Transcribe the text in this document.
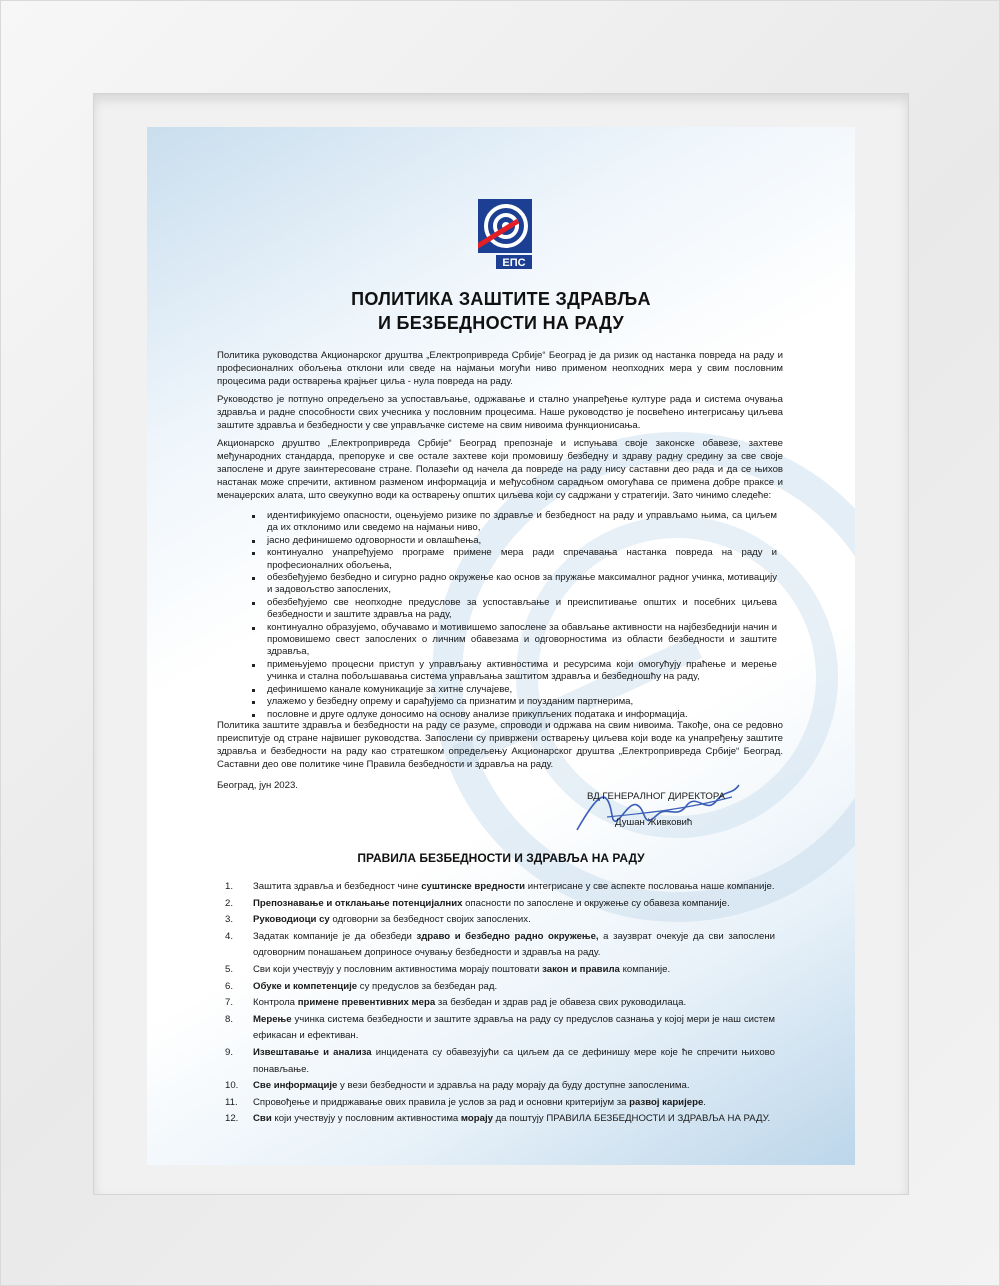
ЕПС
ПОЛИТИКА ЗАШТИТЕ ЗДРАВЉА
И БЕЗБЕДНОСТИ НА РАДУ

Политика руководства Акционарског друштва „Електропривреда Србије“ Београд је да ризик од настанка повреда на раду и професионалних обољења отклони или сведе на најмањи могући ниво применом неопходних мера у свим пословним процесима ради остварења крајњег циља - нула повреда на раду.

Руководство је потпуно опредељено за успостављање, одржавање и стално унапређење културе рада и система очувања здравља и радне способности свих учесника у пословним процесима. Наше руководство је посвећено интегрисању циљева заштите здравља и безбедности у све управљачке системе на свим нивоима функционисања.

Акционарско друштво „Електропривреда Србије“ Београд препознаје и испуњава своје законске обавезе, захтеве међународних стандарда, препоруке и све остале захтеве који промовишу безбедну и здраву радну средину за све своје запослене и друге заинтересоване стране. Полазећи од начела да повреде на раду нису саставни део рада и да се њихов настанак може спречити, активном разменом информација и међусобном сарадњом омогућава се примена добре праксе и менаџерских алата, што свеукупно води ка остварењу општих циљева који су садржани у стратегији. Зато чинимо следеће:

идентификујемо опасности, оцењујемо ризике по здравље и безбедност на раду и управљамо њима, са циљем да их отклонимо или сведемо на најмањи ниво,
јасно дефинишемо одговорности и овлашћења,
континуално унапређујемо програме примене мера ради спречавања настанка повреда на раду и професионалних обољења,
обезбеђујемо безбедно и сигурно радно окружење као основ за пружање максималног радног учинка, мотивацију и задовољство запослених,
обезбеђујемо све неопходне предуслове за успостављање и преиспитивање општих и посебних циљева безбедности и заштите здравља на раду,
континуално образујемо, обучавамо и мотивишемо запослене за обављање активности на најбезбеднији начин и промовишемо свест запослених о личним обавезама и одговорностима из области безбедности и заштите здравља,
примењујемо процесни приступ у управљању активностима и ресурсима који омогућују праћење и мерење учинка и стална побољшавања система управљања заштитом здравља и безбедношћу на раду,
дефинишемо канале комуникације за хитне случајеве,
улажемо у безбедну опрему и сарађујемо са признатим и поузданим партнерима,
пословне и друге одлуке доносимо на основу анализе прикупљених података и информација.

Политика заштите здравља и безбедности на раду се разуме, спроводи и одржава на свим нивоима. Такође, она се редовно преиспитује од стране највишег руководства. Запослени су привржени остварењу циљева који воде ка унапређењу заштите здравља и безбедности на раду као стратешком опредељењу Акционарског друштва „Електропривреда Србије“ Београд. Саставни део ове политике чине Правила безбедности и здравља на раду.

Београд, јун 2023.

ВД ГЕНЕРАЛНОГ ДИРЕКТОРА
Душан Живковић
ПРАВИЛА БЕЗБЕДНОСТИ И ЗДРАВЉА НА РАДУ
1. Заштита здравља и безбедност чине суштинске вредности интегрисане у све аспекте пословања наше компаније.
2. Препознавање и отклањање потенцијалних опасности по запослене и окружење су обавеза компаније.
3. Руководиоци су одговорни за безбедност својих запослених.
4. Задатак компаније је да обезбеди здраво и безбедно радно окружење, а заузврат очекује да сви запослени одговорним понашањем доприносе очувању безбедности и здравља на раду.
5. Сви који учествују у пословним активностима морају поштовати закон и правила компаније.
6. Обуке и компетенције су предуслов за безбедан рад.
7. Контрола примене превентивних мера за безбедан и здрав рад је обавеза свих руководилаца.
8. Мерење учинка система безбедности и заштите здравља на раду су предуслов сазнања у којој мери је наш систем ефикасан и ефективан.
9. Извештавање и анализа инцидената су обавезујући са циљем да се дефинишу мере које ће спречити њихово понављање.
10. Све информације у вези безбедности и здравља на раду морају да буду доступне запосленима.
11. Спровођење и придржавање ових правила је услов за рад и основни критеријум за развој каријере.
12. Сви који учествују у пословним активностима морају да поштују ПРАВИЛА БЕЗБЕДНОСТИ И ЗДРАВЉА НА РАДУ.
